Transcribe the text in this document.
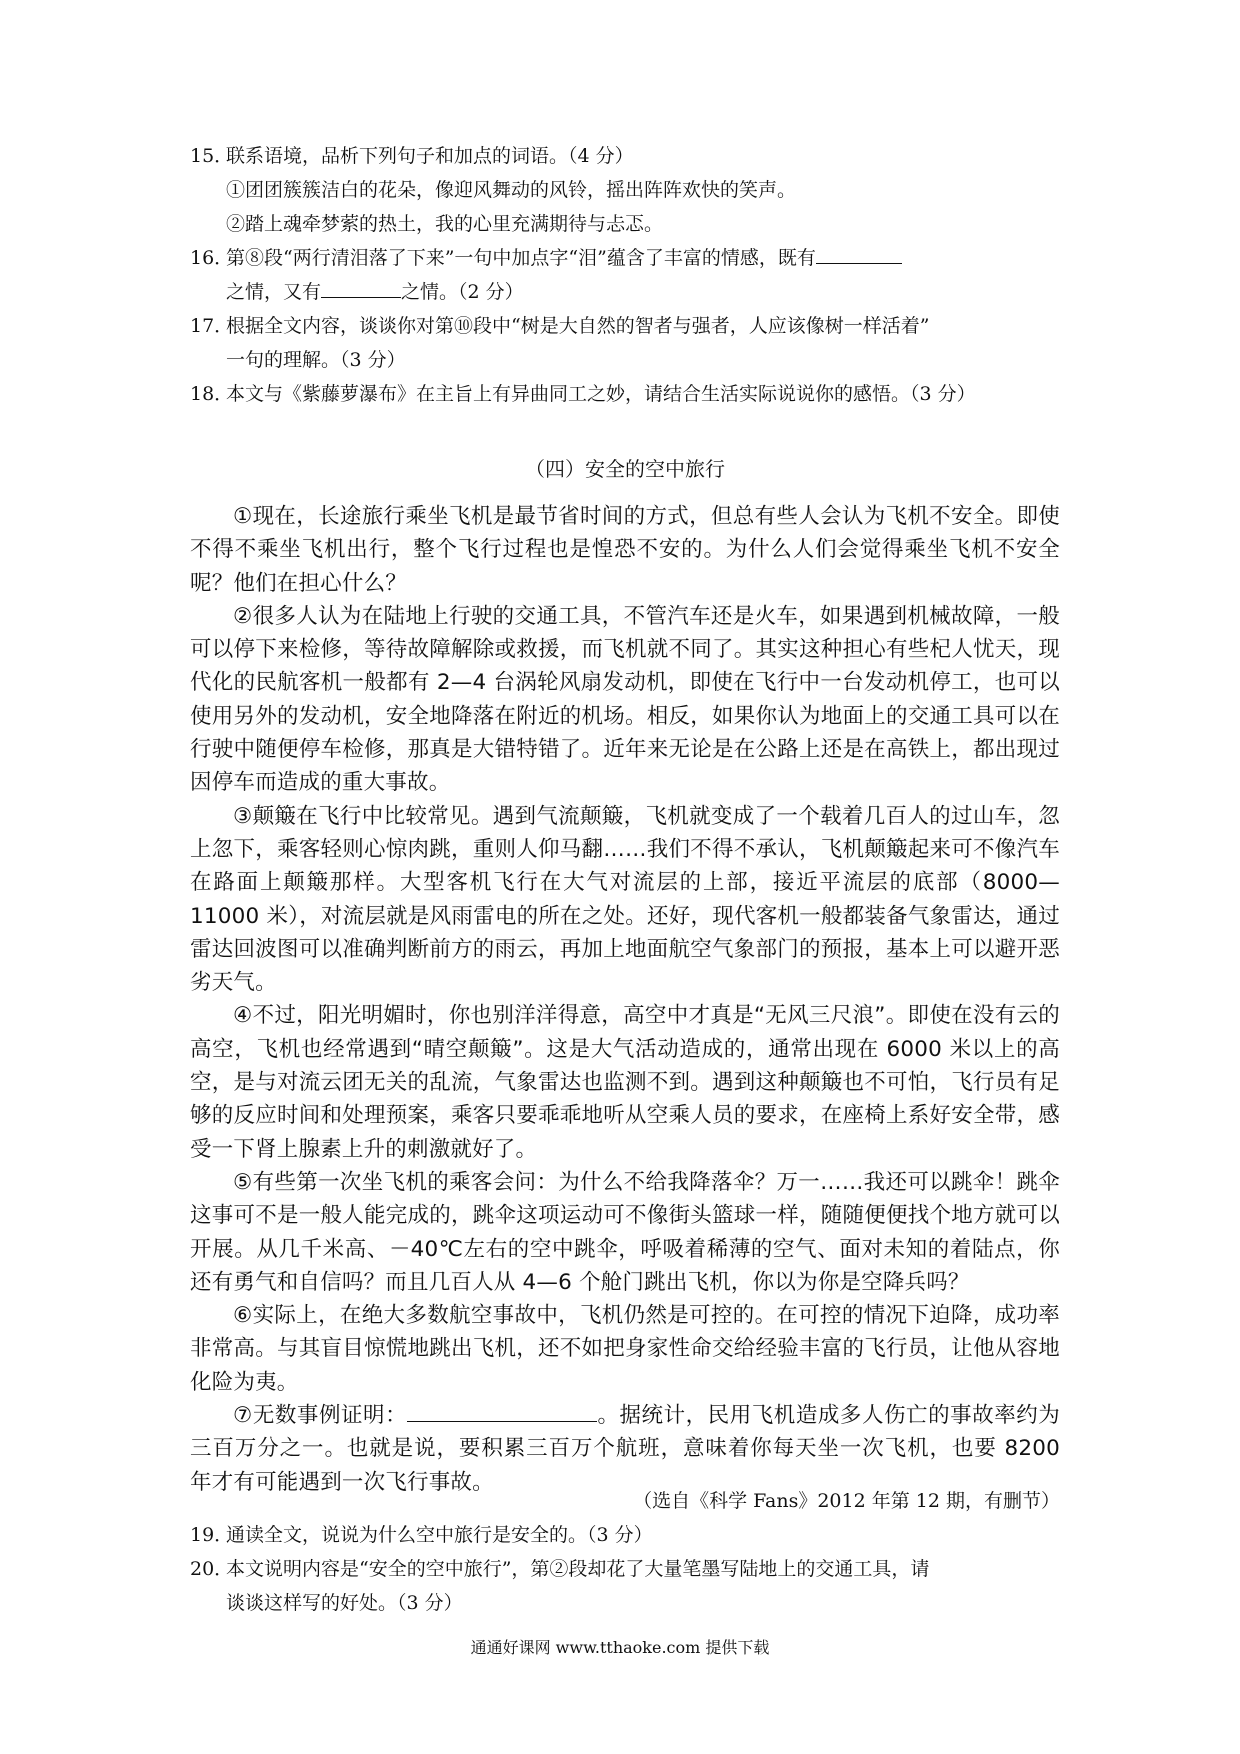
15．联系语境，品析下列句子和加点的词语。（4 分）
①团团簇簇洁白的花朵，像迎风舞动的风铃，摇出阵阵欢快的笑声。
②踏上魂牵梦萦的热土，我的心里充满期待与忐忑。
16．第⑧段“两行清泪落了下来”一句中加点字“泪”蕴含了丰富的情感，既有
之情，又有	之情。（2 分）
17．根据全文内容，谈谈你对第⑩段中“树是大自然的智者与强者，人应该像树一样活着”
一句的理解。（3 分）
18．本文与《紫藤萝瀑布》在主旨上有异曲同工之妙，请结合生活实际说说你的感悟。（3 分）
（四）安全的空中旅行

①现在，长途旅行乘坐飞机是最节省时间的方式，但总有些人会认为飞机不安全。即使不得不乘坐飞机出行，整个飞行过程也是惶恐不安的。为什么人们会觉得乘坐飞机不安全呢？他们在担心什么？

②很多人认为在陆地上行驶的交通工具，不管汽车还是火车，如果遇到机械故障，一般可以停下来检修，等待故障解除或救援，而飞机就不同了。其实这种担心有些杞人忧天，现代化的民航客机一般都有 2—4 台涡轮风扇发动机，即使在飞行中一台发动机停工，也可以使用另外的发动机，安全地降落在附近的机场。相反，如果你认为地面上的交通工具可以在行驶中随便停车检修，那真是大错特错了。近年来无论是在公路上还是在高铁上，都出现过因停车而造成的重大事故。

③颠簸在飞行中比较常见。遇到气流颠簸，飞机就变成了一个载着几百人的过山车，忽上忽下，乘客轻则心惊肉跳，重则人仰马翻……我们不得不承认，飞机颠簸起来可不像汽车在路面上颠簸那样。大型客机飞行在大气对流层的上部，接近平流层的底部（8000—11000 米），对流层就是风雨雷电的所在之处。还好，现代客机一般都装备气象雷达，通过雷达回波图可以准确判断前方的雨云，再加上地面航空气象部门的预报，基本上可以避开恶劣天气。

④不过，阳光明媚时，你也别洋洋得意，高空中才真是“无风三尺浪”。即使在没有云的高空，飞机也经常遇到“晴空颠簸”。这是大气活动造成的，通常出现在 6000 米以上的高空，是与对流云团无关的乱流，气象雷达也监测不到。遇到这种颠簸也不可怕，飞行员有足够的反应时间和处理预案，乘客只要乖乖地听从空乘人员的要求，在座椅上系好安全带，感受一下肾上腺素上升的刺激就好了。

⑤有些第一次坐飞机的乘客会问：为什么不给我降落伞？万一……我还可以跳伞！跳伞这事可不是一般人能完成的，跳伞这项运动可不像街头篮球一样，随随便便找个地方就可以开展。从几千米高、－40℃左右的空中跳伞，呼吸着稀薄的空气、面对未知的着陆点，你还有勇气和自信吗？而且几百人从 4—6 个舱门跳出飞机，你以为你是空降兵吗？

⑥实际上，在绝大多数航空事故中，飞机仍然是可控的。在可控的情况下迫降，成功率非常高。与其盲目惊慌地跳出飞机，还不如把身家性命交给经验丰富的飞行员，让他从容地化险为夷。

⑦无数事例证明：	。据统计，民用飞机造成多人伤亡的事故率约为三百万分之一。也就是说，要积累三百万个航班，意味着你每天坐一次飞机，也要 8200 年才有可能遇到一次飞行事故。

（选自《科学 Fans》2012 年第 12 期，有删节）
19．通读全文，说说为什么空中旅行是安全的。（3 分）
20．本文说明内容是“安全的空中旅行”，第②段却花了大量笔墨写陆地上的交通工具，请
谈谈这样写的好处。（3 分）
通通好课网 www.tthaoke.com 提供下载
